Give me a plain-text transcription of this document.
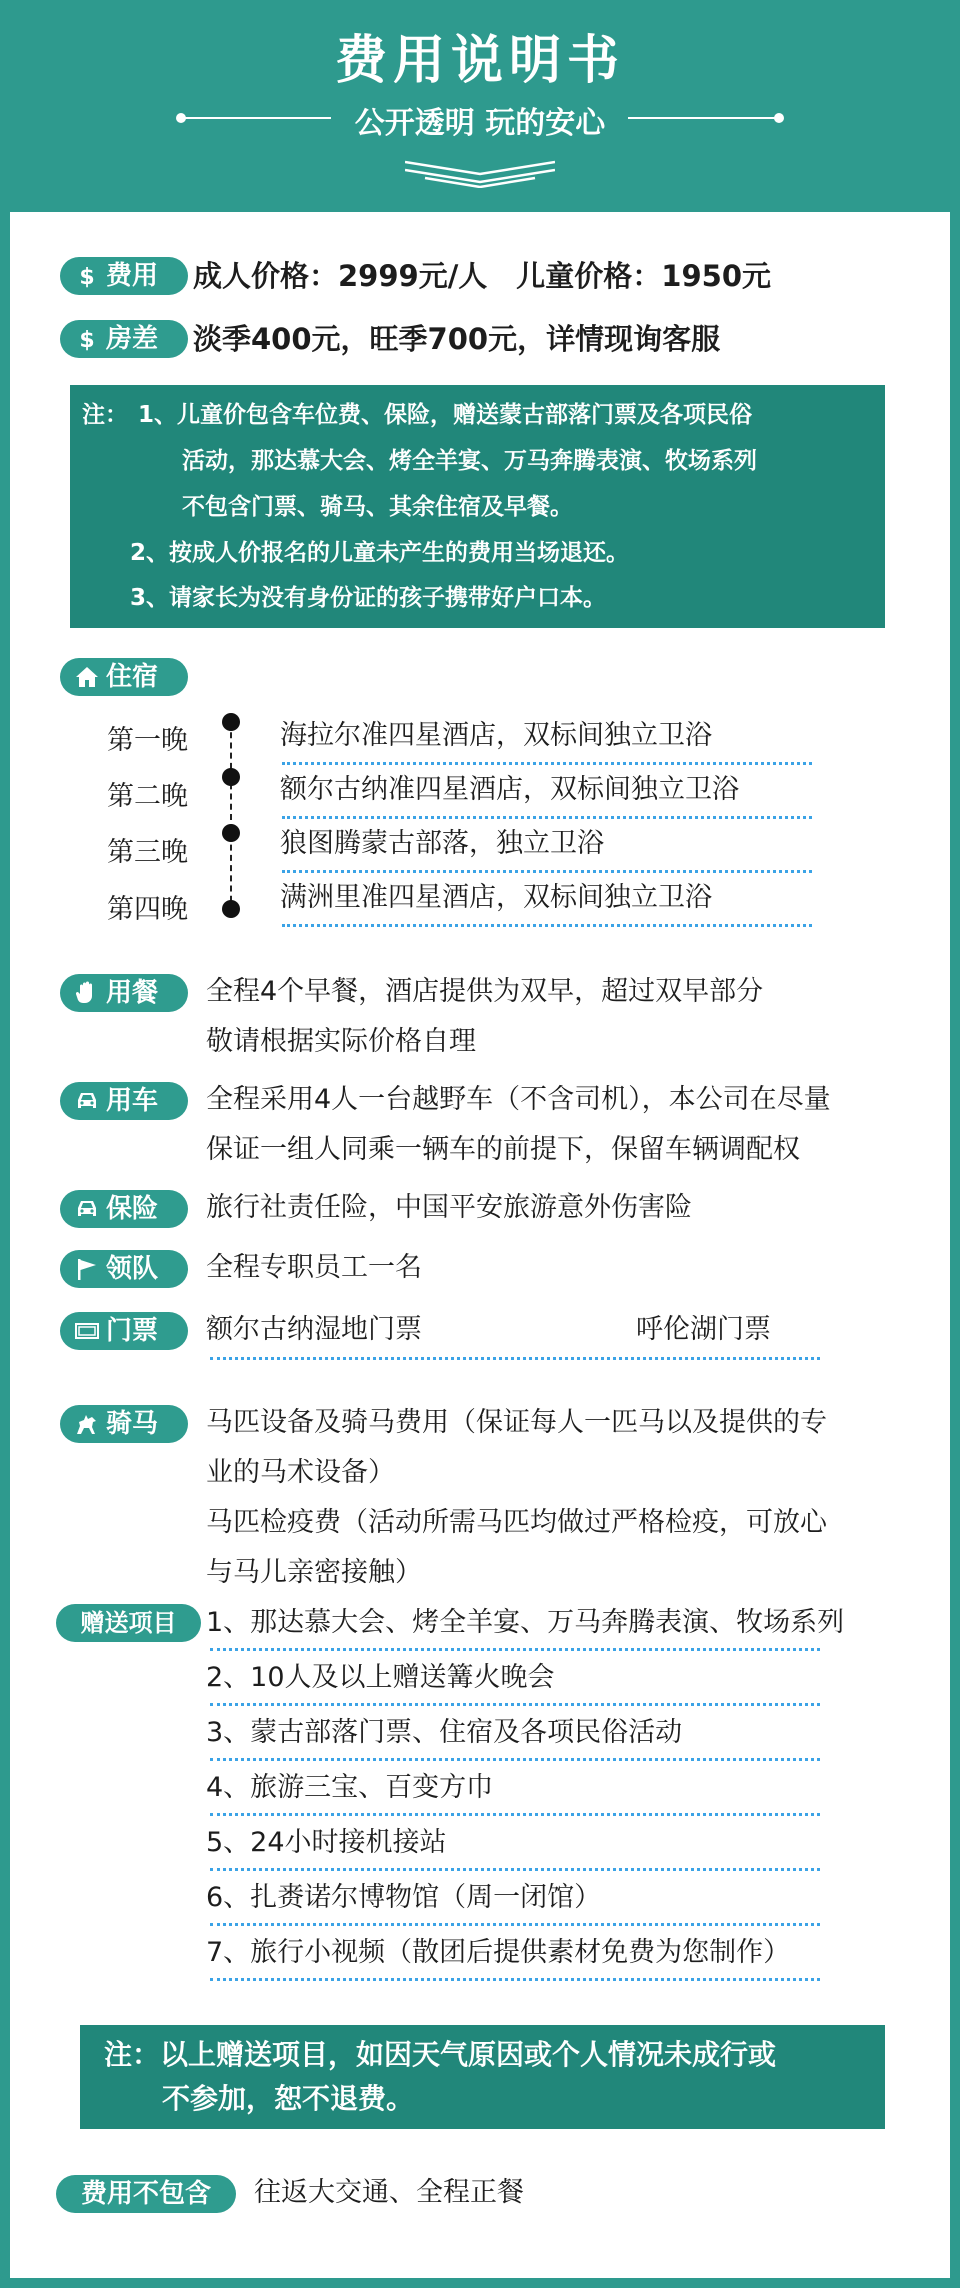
费用说明书
公开透明 玩的安心
$ 费用 成人价格：2999元/人　儿童价格：1950元
$ 房差 淡季400元，旺季700元，详情现询客服
注： 1、儿童价包含车位费、保险，赠送蒙古部落门票及各项民俗
活动，那达慕大会、烤全羊宴、万马奔腾表演、牧场系列
不包含门票、骑马、其余住宿及早餐。
2、按成人价报名的儿童未产生的费用当场退还。
3、请家长为没有身份证的孩子携带好户口本。
住宿
第一晚
第二晚
第三晚
第四晚
海拉尔准四星酒店，双标间独立卫浴
额尔古纳准四星酒店，双标间独立卫浴
狼图腾蒙古部落，独立卫浴
满洲里准四星酒店，双标间独立卫浴
用餐 全程4个早餐，酒店提供为双早，超过双早部分
敬请根据实际价格自理
用车 全程采用4人一台越野车（不含司机），本公司在尽量
保证一组人同乘一辆车的前提下，保留车辆调配权
保险 旅行社责任险，中国平安旅游意外伤害险
领队 全程专职员工一名
门票 额尔古纳湿地门票	呼伦湖门票
骑马 马匹设备及骑马费用（保证每人一匹马以及提供的专
业的马术设备）
马匹检疫费（活动所需马匹均做过严格检疫，可放心
与马儿亲密接触）
赠送项目 1、那达慕大会、烤全羊宴、万马奔腾表演、牧场系列
2、10人及以上赠送篝火晚会
3、蒙古部落门票、住宿及各项民俗活动
4、旅游三宝、百变方巾
5、24小时接机接站
6、扎赉诺尔博物馆（周一闭馆）
7、旅行小视频（散团后提供素材免费为您制作）
注：以上赠送项目，如因天气原因或个人情况未成行或
不参加，恕不退费。
费用不包含 往返大交通、全程正餐
